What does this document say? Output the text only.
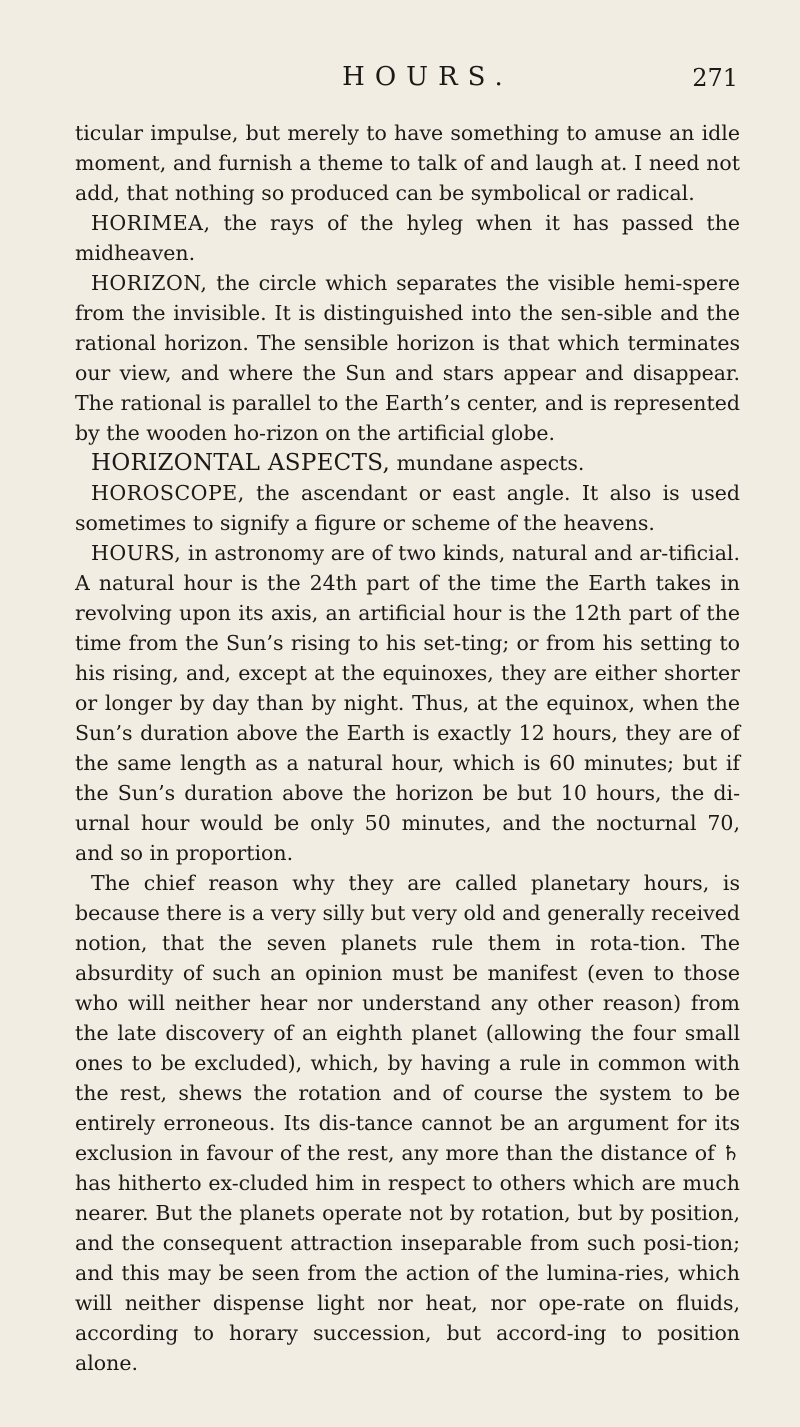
HOURS.	271

ticular impulse, but merely to have something to amuse an idle moment, and furnish a theme to talk of and laugh at. I need not add, that nothing so produced can be symbolical or radical.

HORIMEA, the rays of the hyleg when it has passed the midheaven.

HORIZON, the circle which separates the visible hemi-spere from the invisible. It is distinguished into the sen-sible and the rational horizon. The sensible horizon is that which terminates our view, and where the Sun and stars appear and disappear. The rational is parallel to the Earth’s center, and is represented by the wooden ho-rizon on the artificial globe.

HORIZONTAL ASPECTS, mundane aspects.

HOROSCOPE, the ascendant or east angle. It also is used sometimes to signify a figure or scheme of the heavens.

HOURS, in astronomy are of two kinds, natural and ar-tificial. A natural hour is the 24th part of the time the Earth takes in revolving upon its axis, an artificial hour is the 12th part of the time from the Sun’s rising to his set-ting; or from his setting to his rising, and, except at the equinoxes, they are either shorter or longer by day than by night. Thus, at the equinox, when the Sun’s duration above the Earth is exactly 12 hours, they are of the same length as a natural hour, which is 60 minutes; but if the Sun’s duration above the horizon be but 10 hours, the di-urnal hour would be only 50 minutes, and the nocturnal 70, and so in proportion.

The chief reason why they are called planetary hours, is because there is a very silly but very old and generally received notion, that the seven planets rule them in rota-tion. The absurdity of such an opinion must be manifest (even to those who will neither hear nor understand any other reason) from the late discovery of an eighth planet (allowing the four small ones to be excluded), which, by having a rule in common with the rest, shews the rotation and of course the system to be entirely erroneous. Its dis-tance cannot be an argument for its exclusion in favour of the rest, any more than the distance of ♄ has hitherto ex-cluded him in respect to others which are much nearer. But the planets operate not by rotation, but by position, and the consequent attraction inseparable from such posi-tion; and this may be seen from the action of the lumina-ries, which will neither dispense light nor heat, nor ope-rate on fluids, according to horary succession, but accord-ing to position alone.
